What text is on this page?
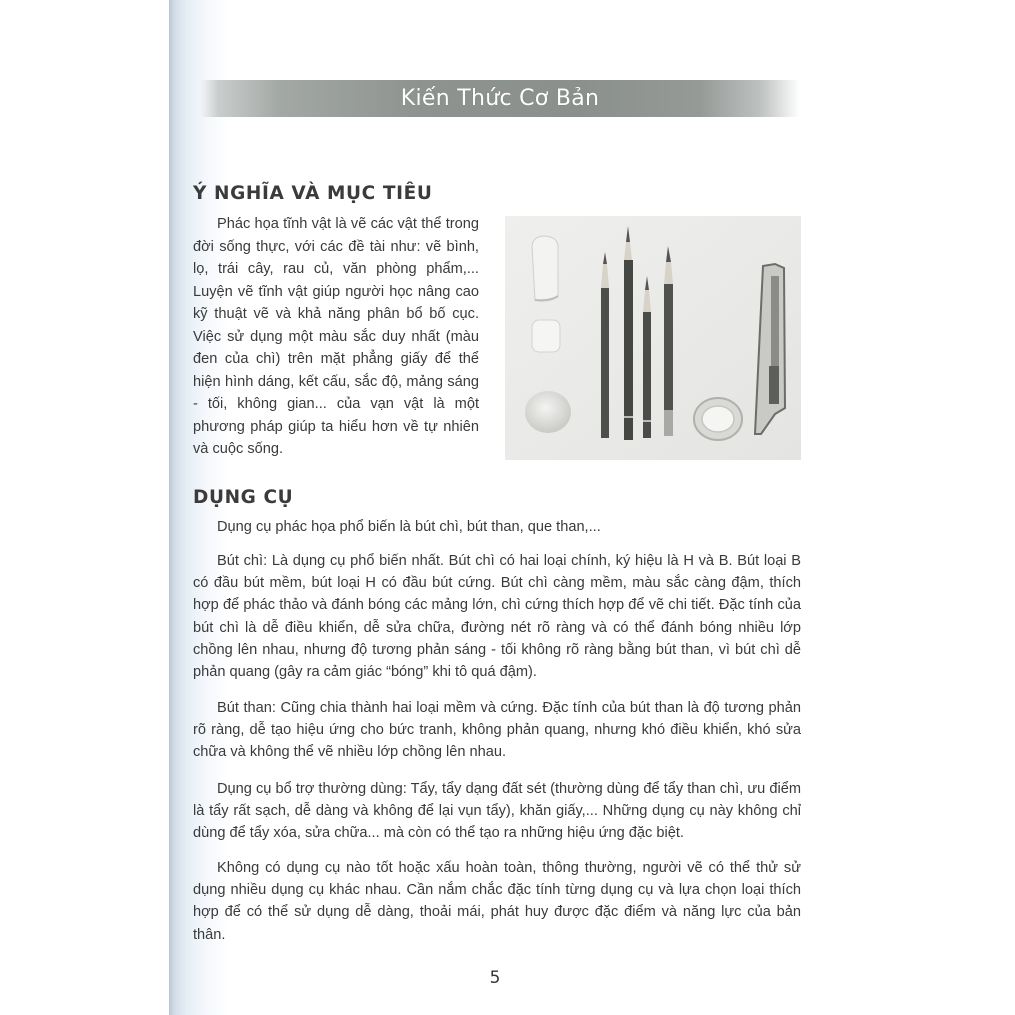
Kiến Thức Cơ Bản
Ý NGHĨA VÀ MỤC TIÊU

Phác họa tĩnh vật là vẽ các vật thể trong đời sống thực, với các đề tài như: vẽ bình, lọ, trái cây, rau củ, văn phòng phẩm,... Luyện vẽ tĩnh vật giúp người học nâng cao kỹ thuật vẽ và khả năng phân bổ bố cục. Việc sử dụng một màu sắc duy nhất (màu đen của chì) trên mặt phẳng giấy để thể hiện hình dáng, kết cấu, sắc độ, mảng sáng - tối, không gian... của vạn vật là một phương pháp giúp ta hiểu hơn về tự nhiên và cuộc sống.

DỤNG CỤ

Dụng cụ phác họa phổ biến là bút chì, bút than, que than,...

Bút chì: Là dụng cụ phổ biến nhất. Bút chì có hai loại chính, ký hiệu là H và B. Bút loại B có đầu bút mềm, bút loại H có đầu bút cứng. Bút chì càng mềm, màu sắc càng đậm, thích hợp để phác thảo và đánh bóng các mảng lớn, chì cứng thích hợp để vẽ chi tiết. Đặc tính của bút chì là dễ điều khiển, dễ sửa chữa, đường nét rõ ràng và có thể đánh bóng nhiều lớp chồng lên nhau, nhưng độ tương phản sáng - tối không rõ ràng bằng bút than, vì bút chì dễ phản quang (gây ra cảm giác “bóng” khi tô quá đậm).

Bút than: Cũng chia thành hai loại mềm và cứng. Đặc tính của bút than là độ tương phản rõ ràng, dễ tạo hiệu ứng cho bức tranh, không phản quang, nhưng khó điều khiển, khó sửa chữa và không thể vẽ nhiều lớp chồng lên nhau.

Dụng cụ bổ trợ thường dùng: Tẩy, tẩy dạng đất sét (thường dùng để tẩy than chì, ưu điểm là tẩy rất sạch, dễ dàng và không để lại vụn tẩy), khăn giấy,... Những dụng cụ này không chỉ dùng để tẩy xóa, sửa chữa... mà còn có thể tạo ra những hiệu ứng đặc biệt.

Không có dụng cụ nào tốt hoặc xấu hoàn toàn, thông thường, người vẽ có thể thử sử dụng nhiều dụng cụ khác nhau. Cần nắm chắc đặc tính từng dụng cụ và lựa chọn loại thích hợp để có thể sử dụng dễ dàng, thoải mái, phát huy được đặc điểm và năng lực của bản thân.

5
